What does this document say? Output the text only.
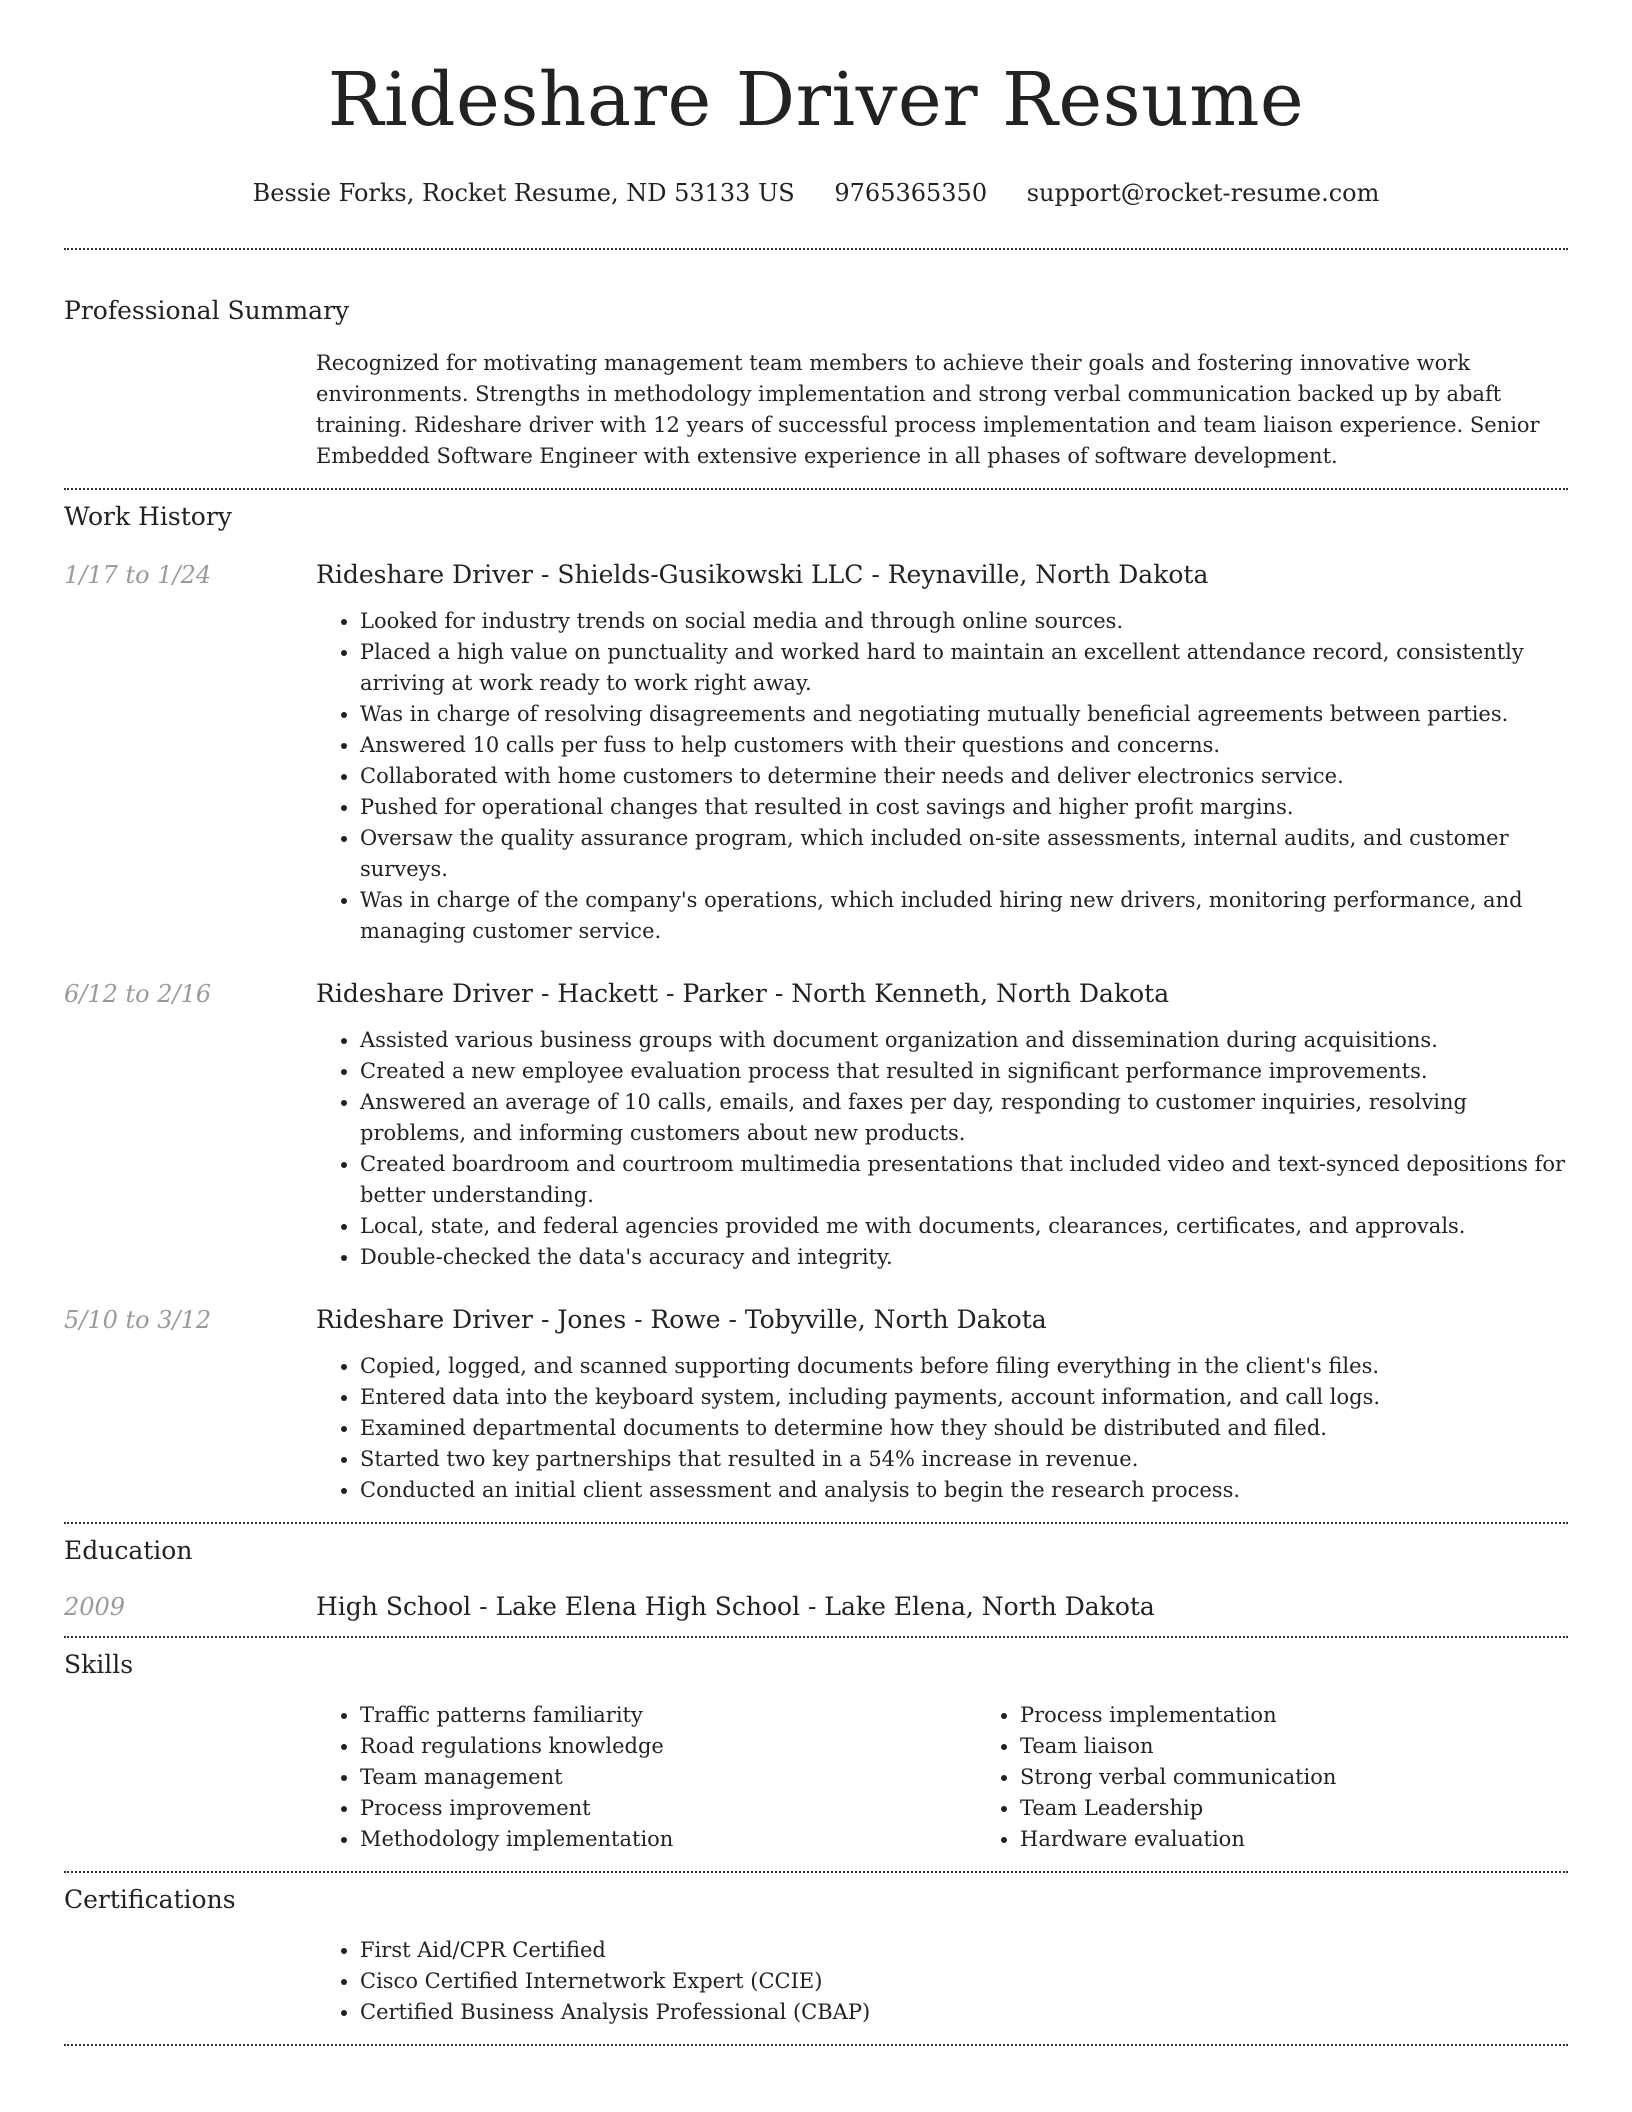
Rideshare Driver Resume
Bessie Forks, Rocket Resume, ND 53133 US 9765365350 support@rocket-resume.com
Professional Summary

Recognized for motivating management team members to achieve their goals and fostering innovative work environments. Strengths in methodology implementation and strong verbal communication backed up by abaft training. Rideshare driver with 12 years of successful process implementation and team liaison experience. Senior Embedded Software Engineer with extensive experience in all phases of software development.

Work History
1/17 to 1/24	Rideshare Driver - Shields-Gusikowski LLC - Reynaville, North Dakota
• Looked for industry trends on social media and through online sources.
• Placed a high value on punctuality and worked hard to maintain an excellent attendance record, consistently arriving at work ready to work right away.
• Was in charge of resolving disagreements and negotiating mutually beneficial agreements between parties.
• Answered 10 calls per fuss to help customers with their questions and concerns.
• Collaborated with home customers to determine their needs and deliver electronics service.
• Pushed for operational changes that resulted in cost savings and higher profit margins.
• Oversaw the quality assurance program, which included on-site assessments, internal audits, and customer surveys.
• Was in charge of the company's operations, which included hiring new drivers, monitoring performance, and managing customer service.
6/12 to 2/16	Rideshare Driver - Hackett - Parker - North Kenneth, North Dakota
• Assisted various business groups with document organization and dissemination during acquisitions.
• Created a new employee evaluation process that resulted in significant performance improvements.
• Answered an average of 10 calls, emails, and faxes per day, responding to customer inquiries, resolving problems, and informing customers about new products.
• Created boardroom and courtroom multimedia presentations that included video and text-synced depositions for better understanding.
• Local, state, and federal agencies provided me with documents, clearances, certificates, and approvals.
• Double-checked the data's accuracy and integrity.
5/10 to 3/12	Rideshare Driver - Jones - Rowe - Tobyville, North Dakota
• Copied, logged, and scanned supporting documents before filing everything in the client's files.
• Entered data into the keyboard system, including payments, account information, and call logs.
• Examined departmental documents to determine how they should be distributed and filed.
• Started two key partnerships that resulted in a 54% increase in revenue.
• Conducted an initial client assessment and analysis to begin the research process.
Education
2009	High School - Lake Elena High School - Lake Elena, North Dakota
Skills
• Traffic patterns familiarity
• Road regulations knowledge
• Team management
• Process improvement
• Methodology implementation
• Process implementation
• Team liaison
• Strong verbal communication
• Team Leadership
• Hardware evaluation
Certifications
• First Aid/CPR Certified
• Cisco Certified Internetwork Expert (CCIE)
• Certified Business Analysis Professional (CBAP)
